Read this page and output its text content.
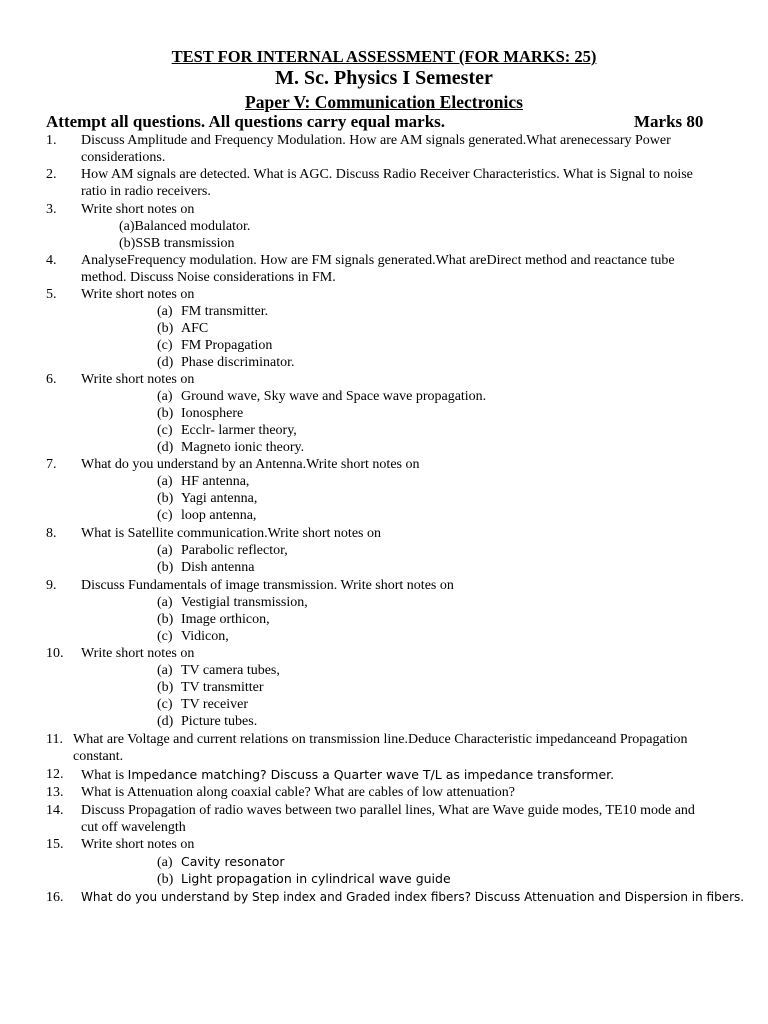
TEST FOR INTERNAL ASSESSMENT (FOR MARKS: 25)
M. Sc. Physics I Semester
Paper V: Communication Electronics
Attempt all questions. All questions carry equal marks.	Marks 80
1. Discuss Amplitude and Frequency Modulation. How are AM signals generated.What arenecessary Power
considerations.
2. How AM signals are detected. What is AGC. Discuss Radio Receiver Characteristics. What is Signal to noise
ratio in radio receivers.
3. Write short notes on
(a)Balanced modulator.
(b)SSB transmission
4. AnalyseFrequency modulation. How are FM signals generated.What areDirect method and reactance tube
method. Discuss Noise considerations in FM.
5. Write short notes on
(a) FM transmitter.
(b) AFC
(c) FM Propagation
(d) Phase discriminator.
6. Write short notes on
(a) Ground wave, Sky wave and Space wave propagation.
(b) Ionosphere
(c) Ecclr- larmer theory,
(d) Magneto ionic theory.
7. What do you understand by an Antenna.Write short notes on
(a) HF antenna,
(b) Yagi antenna,
(c) loop antenna,
8. What is Satellite communication.Write short notes on
(a) Parabolic reflector,
(b) Dish antenna
9. Discuss Fundamentals of image transmission. Write short notes on
(a) Vestigial transmission,
(b) Image orthicon,
(c) Vidicon,
10. Write short notes on
(a) TV camera tubes,
(b) TV transmitter
(c) TV receiver
(d) Picture tubes.
11. What are Voltage and current relations on transmission line.Deduce Characteristic impedanceand Propagation
constant.
12. What is Impedance matching? Discuss a Quarter wave T/L as impedance transformer.
13. What is Attenuation along coaxial cable? What are cables of low attenuation?
14. Discuss Propagation of radio waves between two parallel lines, What are Wave guide modes, TE10 mode and
cut off wavelength
15. Write short notes on
(a) Cavity resonator
(b) Light propagation in cylindrical wave guide
16. What do you understand by Step index and Graded index fibers? Discuss Attenuation and Dispersion in fibers.
